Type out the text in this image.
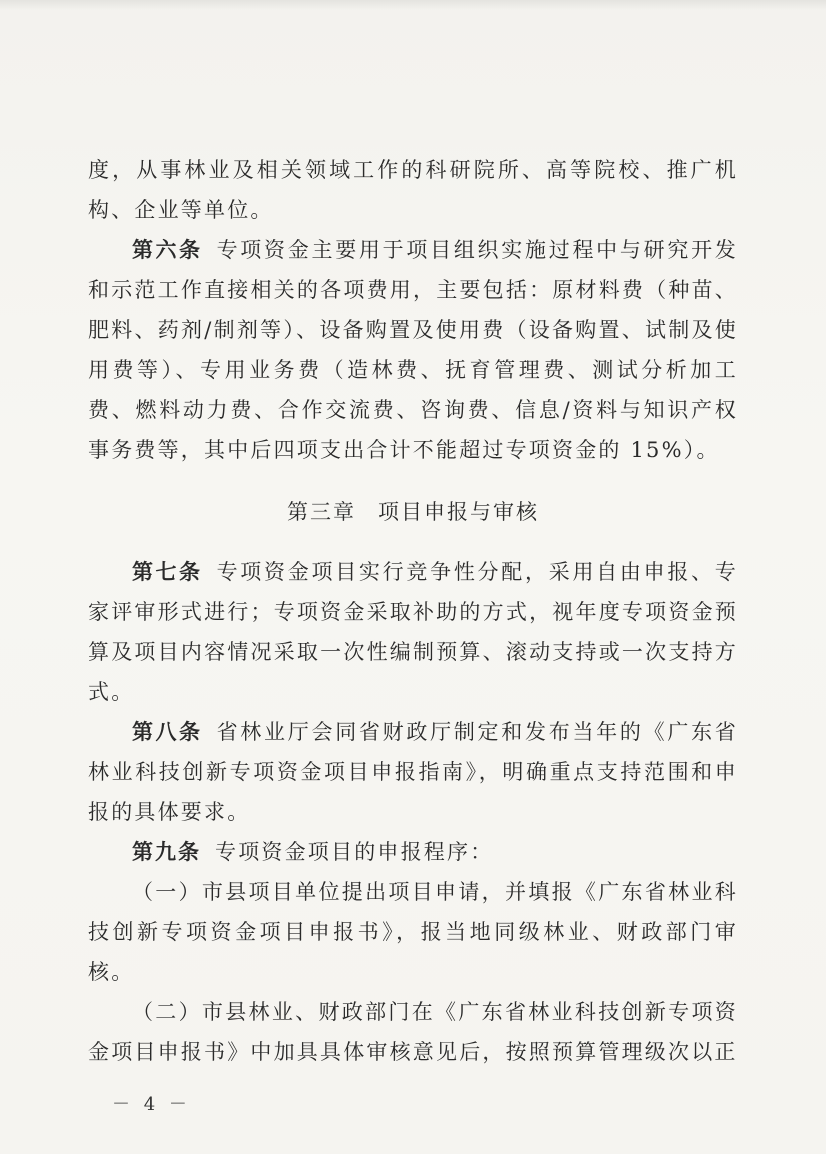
度，从事林业及相关领域工作的科研院所、高等院校、推广机构、企业等单位。

第六条 专项资金主要用于项目组织实施过程中与研究开发和示范工作直接相关的各项费用，主要包括：原材料费（种苗、肥料、药剂/制剂等）、设备购置及使用费（设备购置、试制及使用费等）、专用业务费（造林费、抚育管理费、测试分析加工费、燃料动力费、合作交流费、咨询费、信息/资料与知识产权事务费等，其中后四项支出合计不能超过专项资金的 15%）。

第三章 项目申报与审核

第七条 专项资金项目实行竞争性分配，采用自由申报、专家评审形式进行；专项资金采取补助的方式，视年度专项资金预算及项目内容情况采取一次性编制预算、滚动支持或一次支持方式。

第八条 省林业厅会同省财政厅制定和发布当年的《广东省林业科技创新专项资金项目申报指南》，明确重点支持范围和申报的具体要求。

第九条 专项资金项目的申报程序：

（一）市县项目单位提出项目申请，并填报《广东省林业科技创新专项资金项目申报书》，报当地同级林业、财政部门审核。

（二）市县林业、财政部门在《广东省林业科技创新专项资金项目申报书》中加具具体审核意见后，按照预算管理级次以正

－ 4 －
